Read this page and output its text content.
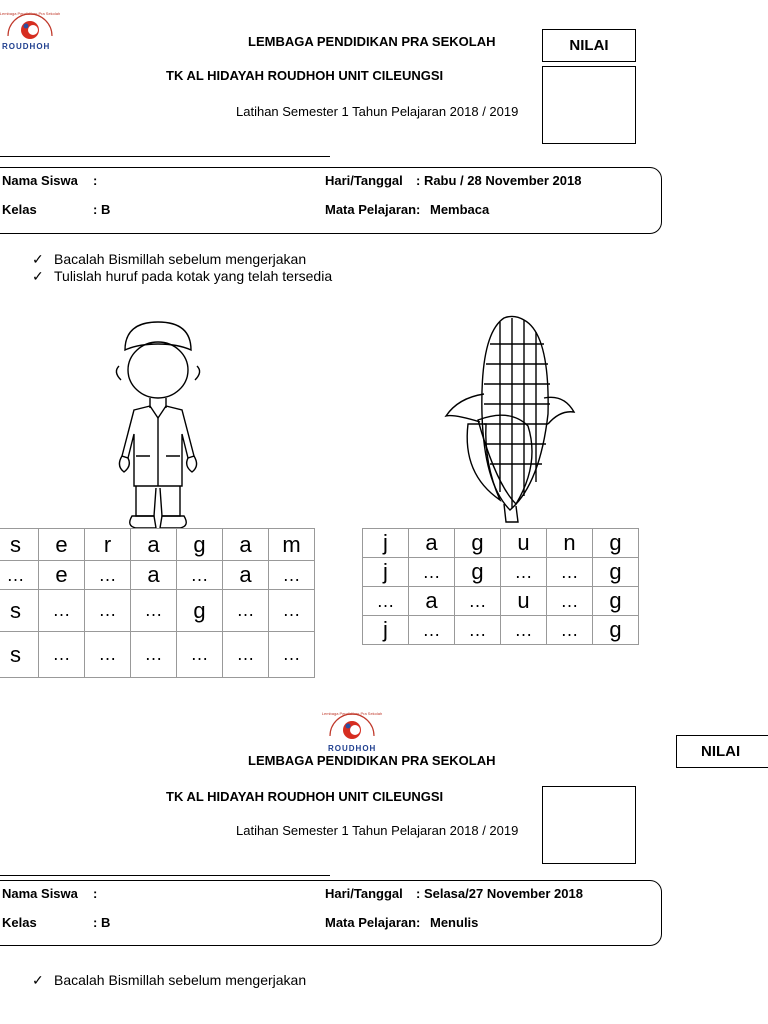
Lembaga Pendidikan Pra Sekolah
ROUDHOH	LEMBAGA PENDIDIKAN PRA SEKOLAH
TK AL HIDAYAH ROUDHOH UNIT CILEUNGSI
Latihan Semester 1 Tahun Pelajaran 2018 / 2019
NILAI
Nama Siswa :
Kelas	: B
Hari/Tanggal : Rabu / 28 November 2018
Mata Pelajaran: Membaca
✓ Bacalah Bismillah sebelum mengerjakan
✓ Tulislah huruf pada kotak yang telah tersedia
s	e	r	a	g	a	m
…	e	…	a	…	a	…
s	…	…	…	g	…	…
s	…	…	…	…	…	…
j	a	g	u	n	g
j	…	g	…	…	g
…	a	…	u	…	g
j	…	…	…	…	g
Lembaga Pendidikan Pra Sekolah
ROUDHOH
LEMBAGA PENDIDIKAN PRA SEKOLAH
TK AL HIDAYAH ROUDHOH UNIT CILEUNGSI
Latihan Semester 1 Tahun Pelajaran 2018 / 2019
NILAI
Nama Siswa :
Kelas	: B
Hari/Tanggal : Selasa/27 November 2018
Mata Pelajaran: Menulis
✓ Bacalah Bismillah sebelum mengerjakan
